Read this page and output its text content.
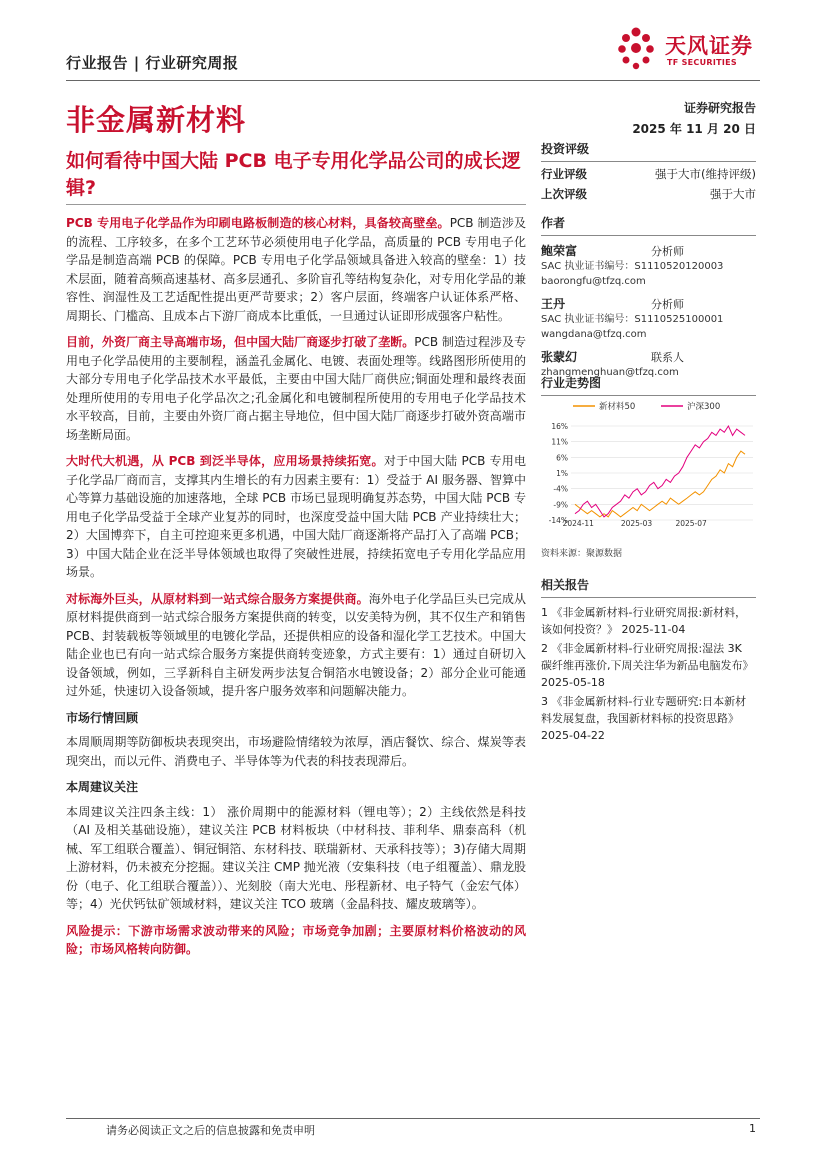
行业报告 | 行业研究周报
天风证券
TF SECURITIES
非金属新材料	证券研究报告
2025 年 11 月 20 日
如何看待中国大陆 PCB 电子专用化学品公司的成长逻辑?

PCB 专用电子化学品作为印刷电路板制造的核心材料，具备较高壁垒。PCB 制造涉及的流程、工序较多，在多个工艺环节必须使用电子化学品，高质量的 PCB 专用电子化学品是制造高端 PCB 的保障。PCB 专用电子化学品领域具备进入较高的壁垒：1）技术层面，随着高频高速基材、高多层通孔、多阶盲孔等结构复杂化，对专用化学品的兼容性、润湿性及工艺适配性提出更严苛要求；2）客户层面，终端客户认证体系严格、周期长、门槛高、且成本占下游厂商成本比重低，一旦通过认证即形成强客户粘性。

目前，外资厂商主导高端市场，但中国大陆厂商逐步打破了垄断。PCB 制造过程涉及专用电子化学品使用的主要制程，涵盖孔金属化、电镀、表面处理等。线路图形所使用的大部分专用电子化学品技术水平最低，主要由中国大陆厂商供应;铜面处理和最终表面处理所使用的专用电子化学品次之;孔金属化和电镀制程所使用的专用电子化学品技术水平较高，目前，主要由外资厂商占据主导地位，但中国大陆厂商逐步打破外资高端市场垄断局面。

大时代大机遇，从 PCB 到泛半导体，应用场景持续拓宽。对于中国大陆 PCB 专用电子化学品厂商而言，支撑其内生增长的有力因素主要有：1）受益于 AI 服务器、智算中心等算力基础设施的加速落地，全球 PCB 市场已显现明确复苏态势，中国大陆 PCB 专用电子化学品受益于全球产业复苏的同时，也深度受益中国大陆 PCB 产业持续壮大；2）大国博弈下，自主可控迎来更多机遇，中国大陆厂商逐渐将产品打入了高端 PCB；3）中国大陆企业在泛半导体领域也取得了突破性进展，持续拓宽电子专用化学品应用场景。

对标海外巨头，从原材料到一站式综合服务方案提供商。海外电子化学品巨头已完成从原材料提供商到一站式综合服务方案提供商的转变，以安美特为例，其不仅生产和销售 PCB、封装载板等领域里的电镀化学品，还提供相应的设备和湿化学工艺技术。中国大陆企业也已有向一站式综合服务方案提供商转变迹象，方式主要有：1）通过自研切入设备领域，例如，三孚新科自主研发两步法复合铜箔水电镀设备；2）部分企业可能通过外延，快速切入设备领域，提升客户服务效率和问题解决能力。

市场行情回顾

本周顺周期等防御板块表现突出，市场避险情绪较为浓厚，酒店餐饮、综合、煤炭等表现突出，而以元件、消费电子、半导体等为代表的科技表现滞后。

本周建议关注

本周建议关注四条主线：1） 涨价周期中的能源材料（锂电等）；2）主线依然是科技（AI 及相关基础设施），建议关注 PCB 材料板块（中材科技、菲利华、鼎泰高科（机械、军工组联合覆盖）、铜冠铜箔、东材科技、联瑞新材、天承科技等）；3)存储大周期上游材料，仍未被充分挖掘。建议关注 CMP 抛光液（安集科技（电子组覆盖）、鼎龙股份（电子、化工组联合覆盖））、光刻胶（南大光电、彤程新材、电子特气（金宏气体）等；4）光伏钙钛矿领域材料，建议关注 TCO 玻璃（金晶科技、耀皮玻璃等）。

风险提示：下游市场需求波动带来的风险；市场竞争加剧；主要原材料价格波动的风险；市场风格转向防御。

投资评级
行业评级	强于大市(维持评级)
上次评级	强于大市
作者
鲍荣富	分析师
SAC 执业证书编号：S1110520120003
baorongfu@tfzq.com
王丹	分析师
SAC 执业证书编号：S1110525100001
wangdana@tfzq.com
张蒙幻	联系人
zhangmenghuan@tfzq.com
行业走势图
新材料50	沪深300
16%
11%
6%
1%
-4%
-9%
-14%
2024-11	2025-03	2025-07
资料来源：聚源数据
相关报告
1 《非金属新材料-行业研究周报:新材料，该如何投资？》 2025-11-04
2 《非金属新材料-行业研究周报:湿法 3K 碳纤维再涨价,下周关注华为新品电脑发布》 2025-05-18
3 《非金属新材料-行业专题研究:日本新材料发展复盘，我国新材料标的投资思路》 2025-04-22
请务必阅读正文之后的信息披露和免责申明	1
